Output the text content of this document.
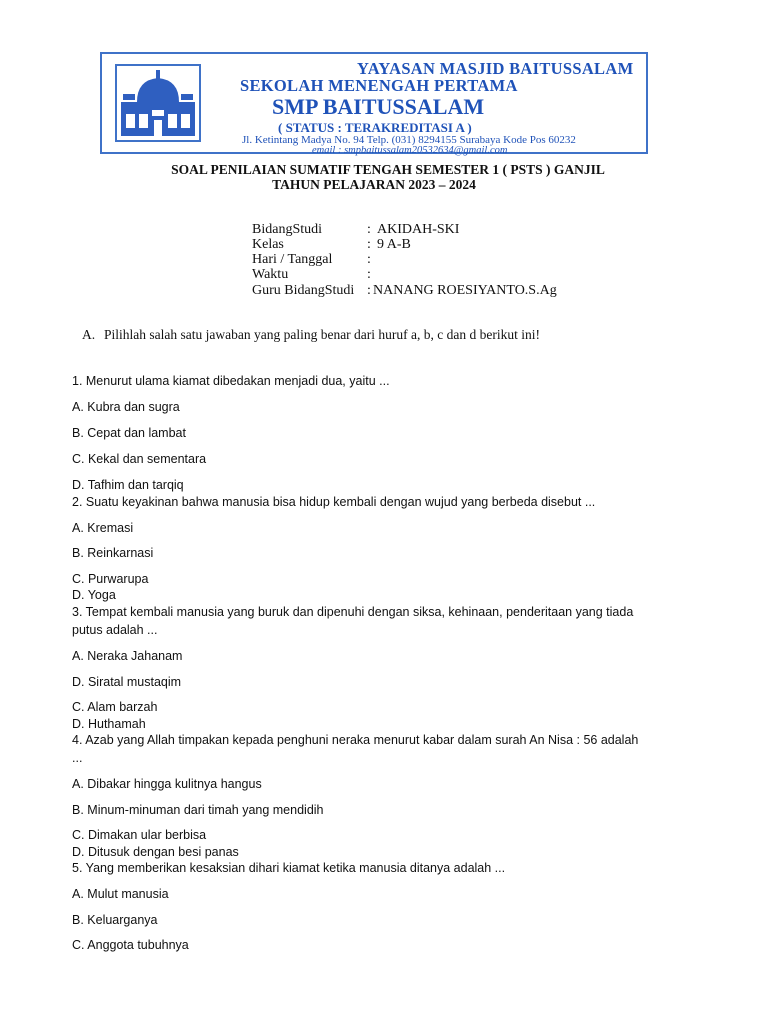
YAYASAN MASJID BAITUSSALAM
SEKOLAH MENENGAH PERTAMA
SMP BAITUSSALAM
( STATUS : TERAKREDITASI A )
Jl. Ketintang Madya No. 94 Telp. (031) 8294155 Surabaya Kode Pos 60232
email : smpbaitussalam20532634@gmail.com
SOAL PENILAIAN SUMATIF TENGAH SEMESTER 1 ( PSTS ) GANJIL
TAHUN PELAJARAN 2023 – 2024
BidangStudi	: AKIDAH-SKI
Kelas	: 9 A-B
Hari / Tanggal :
Waktu	:
Guru BidangStudi : NANANG ROESIYANTO.S.Ag
A. Pilihlah salah satu jawaban yang paling benar dari huruf a, b, c dan d berikut ini!
1. Menurut ulama kiamat dibedakan menjadi dua, yaitu ...
A. Kubra dan sugra
B. Cepat dan lambat
C. Kekal dan sementara
D. Tafhim dan tarqiq
2. Suatu keyakinan bahwa manusia bisa hidup kembali dengan wujud yang berbeda disebut ...
A. Kremasi
B. Reinkarnasi
C. Purwarupa
D. Yoga
3. Tempat kembali manusia yang buruk dan dipenuhi dengan siksa, kehinaan, penderitaan yang tiada
putus adalah ...
A. Neraka Jahanam
D. Siratal mustaqim
C. Alam barzah
D. Huthamah
4. Azab yang Allah timpakan kepada penghuni neraka menurut kabar dalam surah An Nisa : 56 adalah
...
A. Dibakar hingga kulitnya hangus
B. Minum-minuman dari timah yang mendidih
C. Dimakan ular berbisa
D. Ditusuk dengan besi panas
5. Yang memberikan kesaksian dihari kiamat ketika manusia ditanya adalah ...
A. Mulut manusia
B. Keluarganya
C. Anggota tubuhnya
